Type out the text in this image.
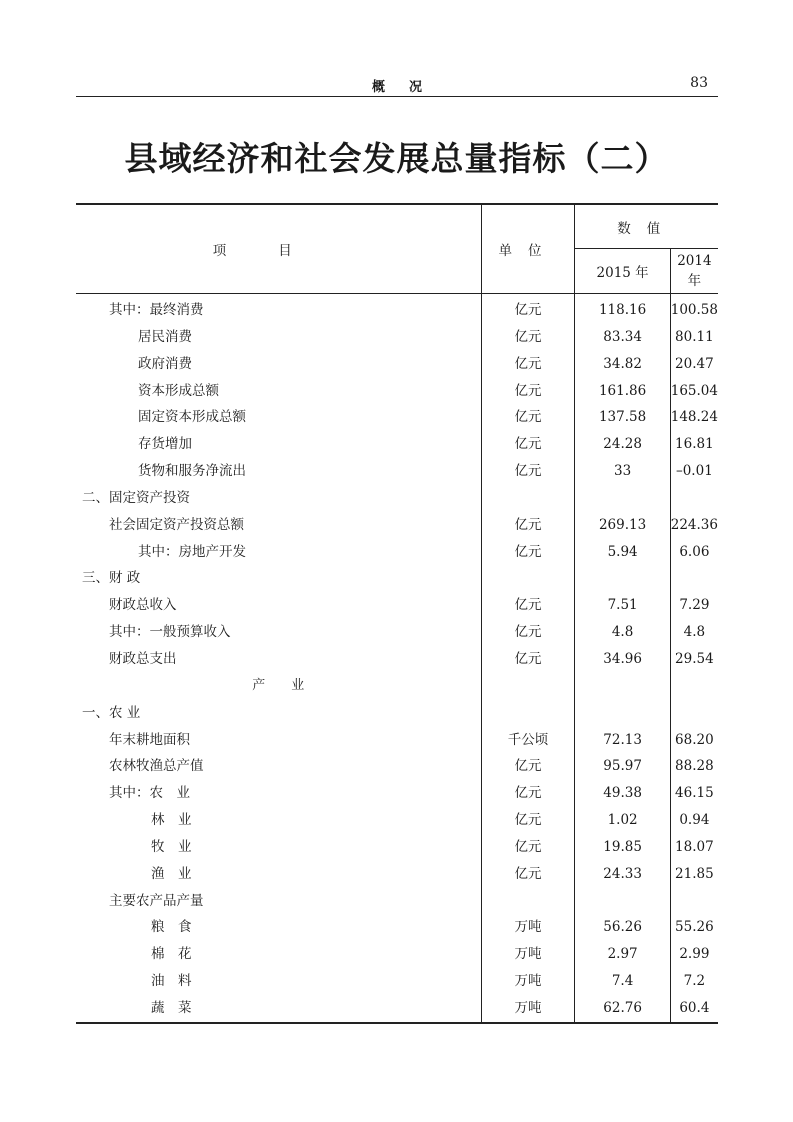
概况	83
县域经济和社会发展总量指标（二）
项目	单位	数值	
		2015 年	2014 年
其中：最终消费	亿元	118.16	100.58
居民消费	亿元	83.34	80.11
政府消费	亿元	34.82	20.47
资本形成总额	亿元	161.86	165.04
固定资本形成总额	亿元	137.58	148.24
存货增加	亿元	24.28	16.81
货物和服务净流出	亿元	33	–0.01
二、固定资产投资			
社会固定资产投资总额	亿元	269.13	224.36
其中：房地产开发	亿元	5.94	6.06
三、财 政			
财政总收入	亿元	7.51	7.29
其中：一般预算收入	亿元	4.8	4.8
财政总支出	亿元	34.96	29.54
产业			
一、农 业			
年末耕地面积	千公顷	72.13	68.20
农林牧渔总产值	亿元	95.97	88.28
其中：农　业	亿元	49.38	46.15
林　业	亿元	1.02	0.94
牧　业	亿元	19.85	18.07
渔　业	亿元	24.33	21.85
主要农产品产量			
粮　食	万吨	56.26	55.26
棉　花	万吨	2.97	2.99
油　料	万吨	7.4	7.2
蔬　菜	万吨	62.76	60.4
